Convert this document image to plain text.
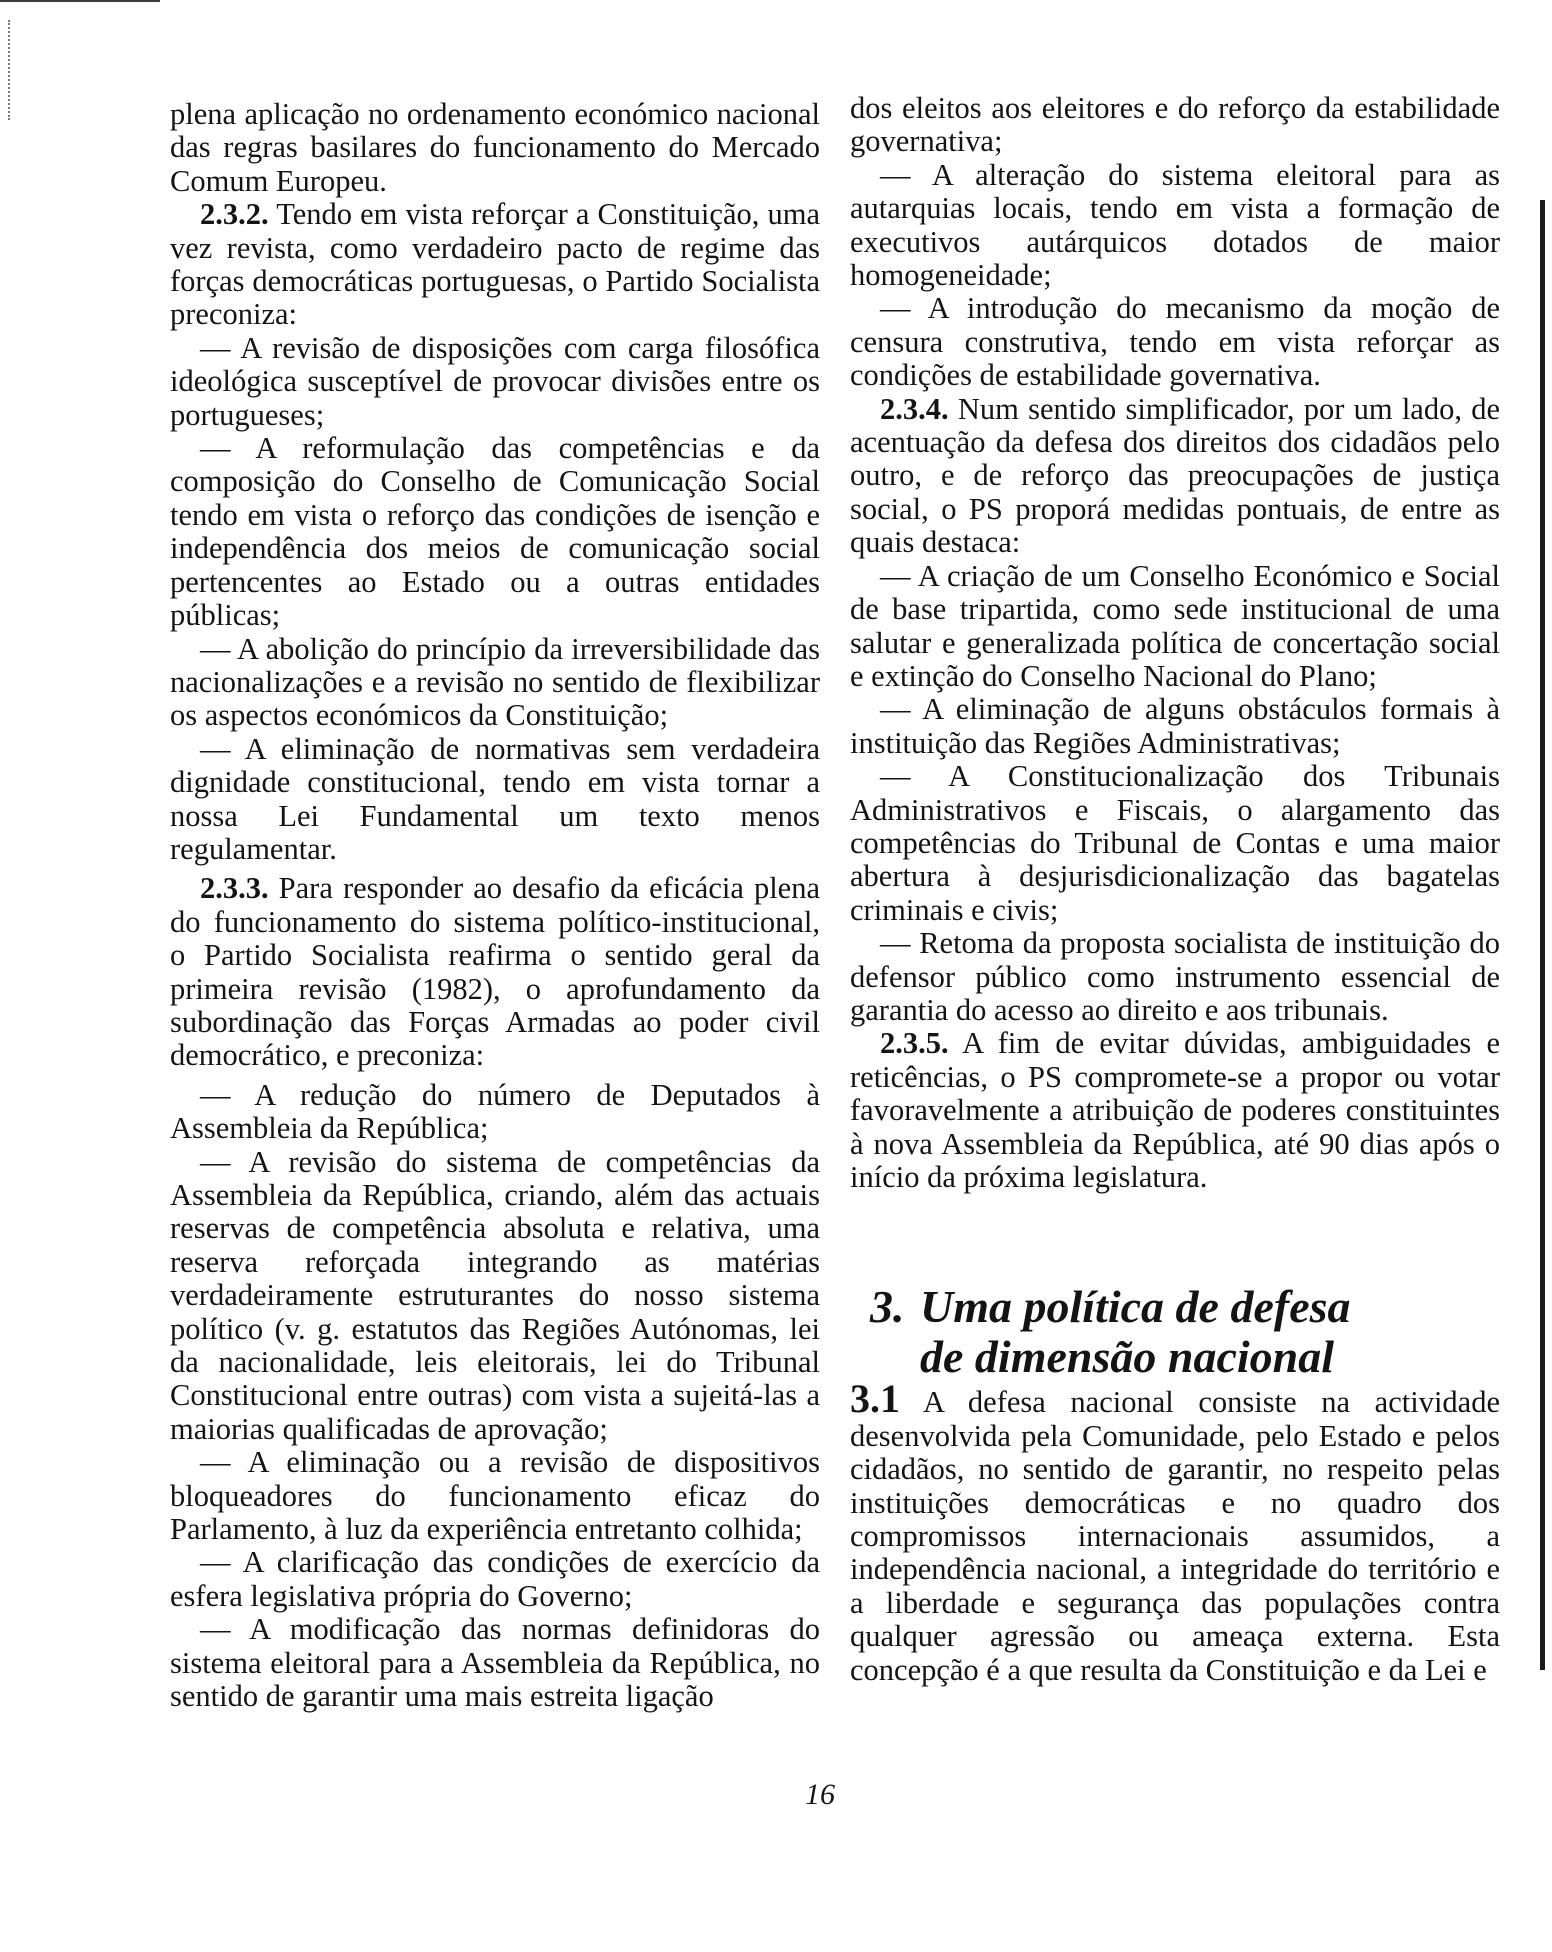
plena aplicação no ordenamento económico nacional das regras basilares do funcionamento do Mercado Comum Europeu.

2.3.2. Tendo em vista reforçar a Constituição, uma vez revista, como verdadeiro pacto de regime das forças democráticas portuguesas, o Partido Socialista preconiza:

— A revisão de disposições com carga filosófica ideológica susceptível de provocar divisões entre os portugueses;

— A reformulação das competências e da composição do Conselho de Comunicação Social tendo em vista o reforço das condições de isenção e independência dos meios de comunicação social pertencentes ao Estado ou a outras entidades públicas;

— A abolição do princípio da irreversibilidade das nacionalizações e a revisão no sentido de flexibilizar os aspectos económicos da Constituição;

— A eliminação de normativas sem verdadeira dignidade constitucional, tendo em vista tornar a nossa Lei Fundamental um texto menos regulamentar.

2.3.3. Para responder ao desafio da eficácia plena do funcionamento do sistema político-institucional, o Partido Socialista reafirma o sentido geral da primeira revisão (1982), o aprofundamento da subordinação das Forças Armadas ao poder civil democrático, e preconiza:

— A redução do número de Deputados à Assembleia da República;

— A revisão do sistema de competências da Assembleia da República, criando, além das actuais reservas de competência absoluta e relativa, uma reserva reforçada integrando as matérias verdadeiramente estruturantes do nosso sistema político (v. g. estatutos das Regiões Autónomas, lei da nacionalidade, leis eleitorais, lei do Tribunal Constitucional entre outras) com vista a sujeitá-las a maiorias qualificadas de aprovação;

— A eliminação ou a revisão de dispositivos bloqueadores do funcionamento eficaz do Parlamento, à luz da experiência entretanto colhida;

— A clarificação das condições de exercício da esfera legislativa própria do Governo;

— A modificação das normas definidoras do sistema eleitoral para a Assembleia da República, no sentido de garantir uma mais estreita ligação

dos eleitos aos eleitores e do reforço da estabilidade governativa;

— A alteração do sistema eleitoral para as autarquias locais, tendo em vista a formação de executivos autárquicos dotados de maior homogeneidade;

— A introdução do mecanismo da moção de censura construtiva, tendo em vista reforçar as condições de estabilidade governativa.

2.3.4. Num sentido simplificador, por um lado, de acentuação da defesa dos direitos dos cidadãos pelo outro, e de reforço das preocupações de justiça social, o PS proporá medidas pontuais, de entre as quais destaca:

— A criação de um Conselho Económico e Social de base tripartida, como sede institucional de uma salutar e generalizada política de concertação social e extinção do Conselho Nacional do Plano;

— A eliminação de alguns obstáculos formais à instituição das Regiões Administrativas;

— A Constitucionalização dos Tribunais Administrativos e Fiscais, o alargamento das competências do Tribunal de Contas e uma maior abertura à desjurisdicionalização das bagatelas criminais e civis;

— Retoma da proposta socialista de instituição do defensor público como instrumento essencial de garantia do acesso ao direito e aos tribunais.

2.3.5. A fim de evitar dúvidas, ambiguidades e reticências, o PS compromete-se a propor ou votar favoravelmente a atribuição de poderes constituintes à nova Assembleia da República, até 90 dias após o início da próxima legislatura.

3. Uma política de defesa
de dimensão nacional

3.1 A defesa nacional consiste na actividade desenvolvida pela Comunidade, pelo Estado e pelos cidadãos, no sentido de garantir, no respeito pelas instituições democráticas e no quadro dos compromissos internacionais assumidos, a independência nacional, a integridade do território e a liberdade e segurança das populações contra qualquer agressão ou ameaça externa. Esta concepção é a que resulta da Constituição e da Lei e

16
